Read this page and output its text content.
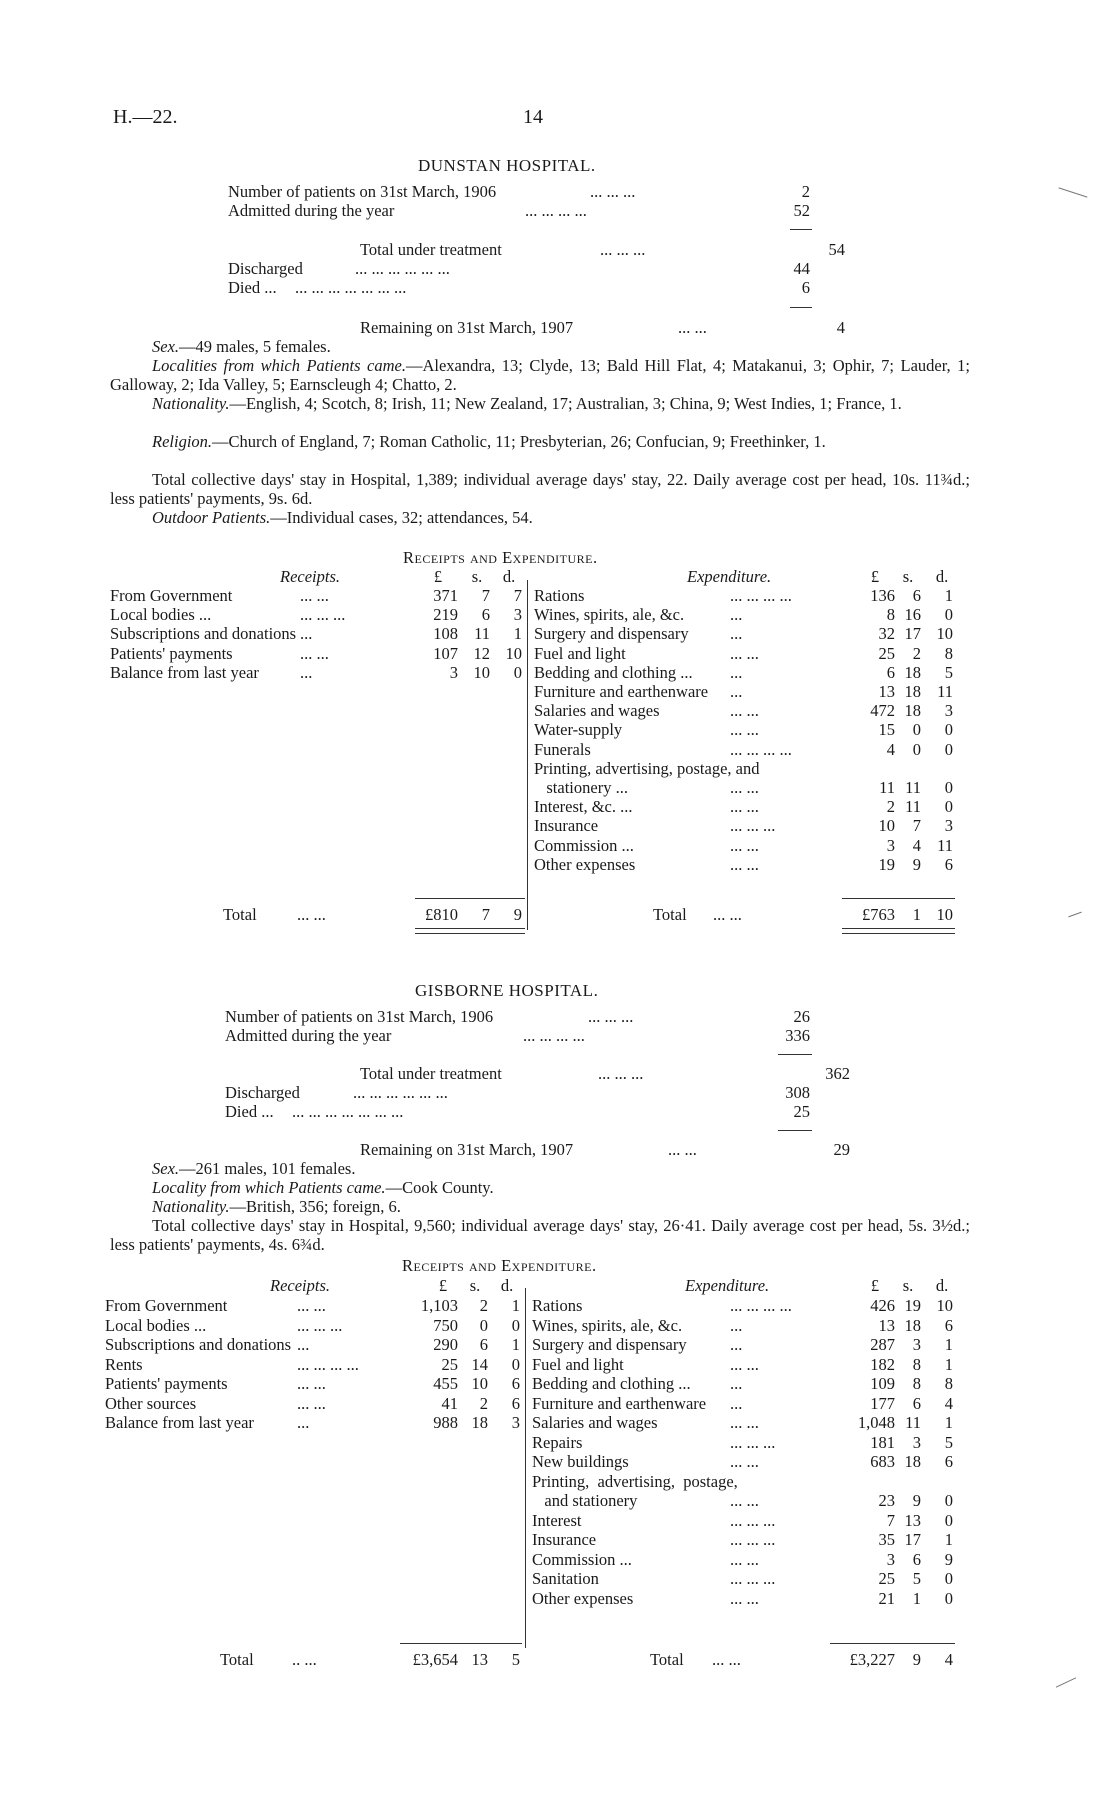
H.—22.	14
DUNSTAN HOSPITAL.
Number of patients on 31st March, 1906	... ... ...	2
Admitted during the year	... ... ... ...	52
Total under treatment	... ... ...	54
Discharged	... ... ... ... ... ...	44
Died ... ... ... ... ... ... ... ...	6
Remaining on 31st March, 1907	... ...	4
Sex.—49 males, 5 females.
Localities from which Patients came.—Alexandra, 13; Clyde, 13; Bald Hill Flat, 4; Matakanui, 3; Ophir, 7; Lauder, 1; Galloway, 2; Ida Valley, 5; Earnscleugh 4; Chatto, 2.
Nationality.—English, 4; Scotch, 8; Irish, 11; New Zealand, 17; Australian, 3; China, 9; West Indies, 1; France, 1.
Religion.—Church of England, 7; Roman Catholic, 11; Presbyterian, 26; Confucian, 9; Freethinker, 1.
Total collective days' stay in Hospital, 1,389; individual average days' stay, 22. Daily average cost per head, 10s. 11¾d.; less patients' payments, 9s. 6d.
Outdoor Patients.—Individual cases, 32; attendances, 54.
Receipts and Expenditure.
Receipts.	£	s.	d.	Expenditure.	£	s.	d.
From Government	... ...	371	7	7
Local bodies ...	... ... ...	219	6	3
Subscriptions and donations ...	108 11	1
Patients' payments	... ...	107 12 10
Balance from last year ...	3 10	0
Rations	... ... ... ...	136	6	1
Wines, spirits, ale, &c.	...	8 16	0
Surgery and dispensary	...	32 17 10
Fuel and light	... ...	25	2	8
Bedding and clothing ... ...	6 18	5
Furniture and earthenware ...	13 18 11
Salaries and wages	... ...	472 18	3
Water-supply	... ...	15	0	0
Funerals	... ... ... ...	4	0	0
Printing, advertising, postage, and
stationery ...	... ...	11 11	0
Interest, &c. ...	... ...	2 11	0
Insurance	... ... ...	10	7	3
Commission ...	... ...	3	4 11
Other expenses	... ...	19	9	6
Total ... ...	£810	7	9	Total ... ...	£763	1 10
GISBORNE HOSPITAL.
Number of patients on 31st March, 1906	... ... ...	26
Admitted during the year	... ... ... ...	336
Total under treatment	... ... ...	362
Discharged	... ... ... ... ... ...	308
Died ... ... ... ... ... ... ... ...	25
Remaining on 31st March, 1907	... ...	29
Sex.—261 males, 101 females.
Locality from which Patients came.—Cook County.
Nationality.—British, 356; foreign, 6.
Total collective days' stay in Hospital, 9,560; individual average days' stay, 26·41. Daily average cost per head, 5s. 3½d.; less patients' payments, 4s. 6¾d.
Receipts and Expenditure.
Receipts.	£	s.	d.	Expenditure.	£	s.	d.
From Government	... ...	1,103	2	1
Local bodies ...	... ... ...	750	0	0
Subscriptions and donations ...	290	6	1
Rents	... ... ... ...	25 14	0
Patients' payments	... ...	455 10	6
Other sources	... ...	41	2	6
Balance from last year	...	988 18	3
Rations	... ... ... ...	426 19 10
Wines, spirits, ale, &c.	...	13 18	6
Surgery and dispensary	...	287	3	1
Fuel and light	... ...	182	8	1
Bedding and clothing ... ...	109	8	8
Furniture and earthenware ...	177	6	4
Salaries and wages	... ...	1,048 11	1
Repairs	... ... ...	181	3	5
New buildings	... ...	683 18	6
Printing,  advertising,  postage,
and stationery	... ...	23	9	0
Interest	... ... ...	7 13	0
Insurance	... ... ...	35 17	1
Commission ...	... ...	3	6	9
Sanitation	... ... ...	25	5	0
Other expenses	... ...	21	1	0
Total .. ...	£3,654 13	5	Total ... ...	£3,227	9	4
